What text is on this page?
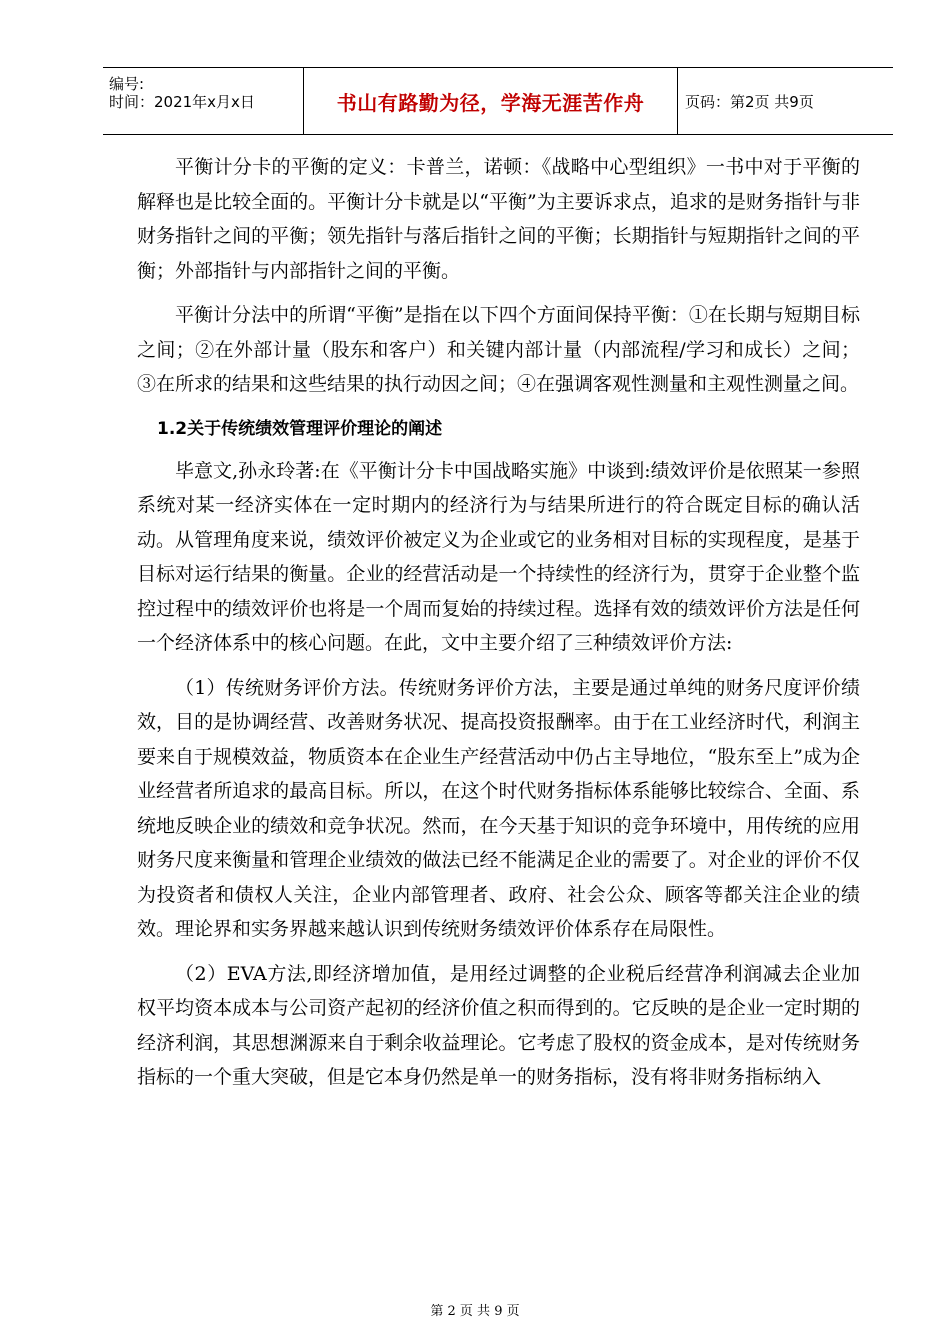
编号:
时间：2021年x月x日	书山有路勤为径，学海无涯苦作舟	页码：第2页 共9页

平衡计分卡的平衡的定义：卡普兰，诺顿：《战略中心型组织》一书中对于平衡的解释也是比较全面的。平衡计分卡就是以“平衡”为主要诉求点，追求的是财务指针与非财务指针之间的平衡；领先指针与落后指针之间的平衡；长期指针与短期指针之间的平衡；外部指针与内部指针之间的平衡。

平衡计分法中的所谓“平衡”是指在以下四个方面间保持平衡：①在长期与短期目标之间；②在外部计量（股东和客户）和关键内部计量（内部流程/学习和成长）之间；③在所求的结果和这些结果的执行动因之间；④在强调客观性测量和主观性测量之间。

1.2关于传统绩效管理评价理论的阐述

毕意文,孙永玲著:在《平衡计分卡中国战略实施》中谈到:绩效评价是依照某一参照系统对某一经济实体在一定时期内的经济行为与结果所进行的符合既定目标的确认活动。从管理角度来说，绩效评价被定义为企业或它的业务相对目标的实现程度，是基于目标对运行结果的衡量。企业的经营活动是一个持续性的经济行为，贯穿于企业整个监控过程中的绩效评价也将是一个周而复始的持续过程。选择有效的绩效评价方法是任何一个经济体系中的核心问题。在此，文中主要介绍了三种绩效评价方法:

（1）传统财务评价方法。传统财务评价方法，主要是通过单纯的财务尺度评价绩效，目的是协调经营、改善财务状况、提高投资报酬率。由于在工业经济时代，利润主要来自于规模效益，物质资本在企业生产经营活动中仍占主导地位，“股东至上”成为企业经营者所追求的最高目标。所以，在这个时代财务指标体系能够比较综合、全面、系统地反映企业的绩效和竞争状况。然而，在今天基于知识的竞争环境中，用传统的应用财务尺度来衡量和管理企业绩效的做法已经不能满足企业的需要了。对企业的评价不仅为投资者和债权人关注，企业内部管理者、政府、社会公众、顾客等都关注企业的绩效。理论界和实务界越来越认识到传统财务绩效评价体系存在局限性。

（2）EVA方法,即经济增加值，是用经过调整的企业税后经营净利润减去企业加权平均资本成本与公司资产起初的经济价值之积而得到的。它反映的是企业一定时期的经济利润，其思想渊源来自于剩余收益理论。它考虑了股权的资金成本，是对传统财务指标的一个重大突破，但是它本身仍然是单一的财务指标，没有将非财务指标纳入

第 2 页 共 9 页
